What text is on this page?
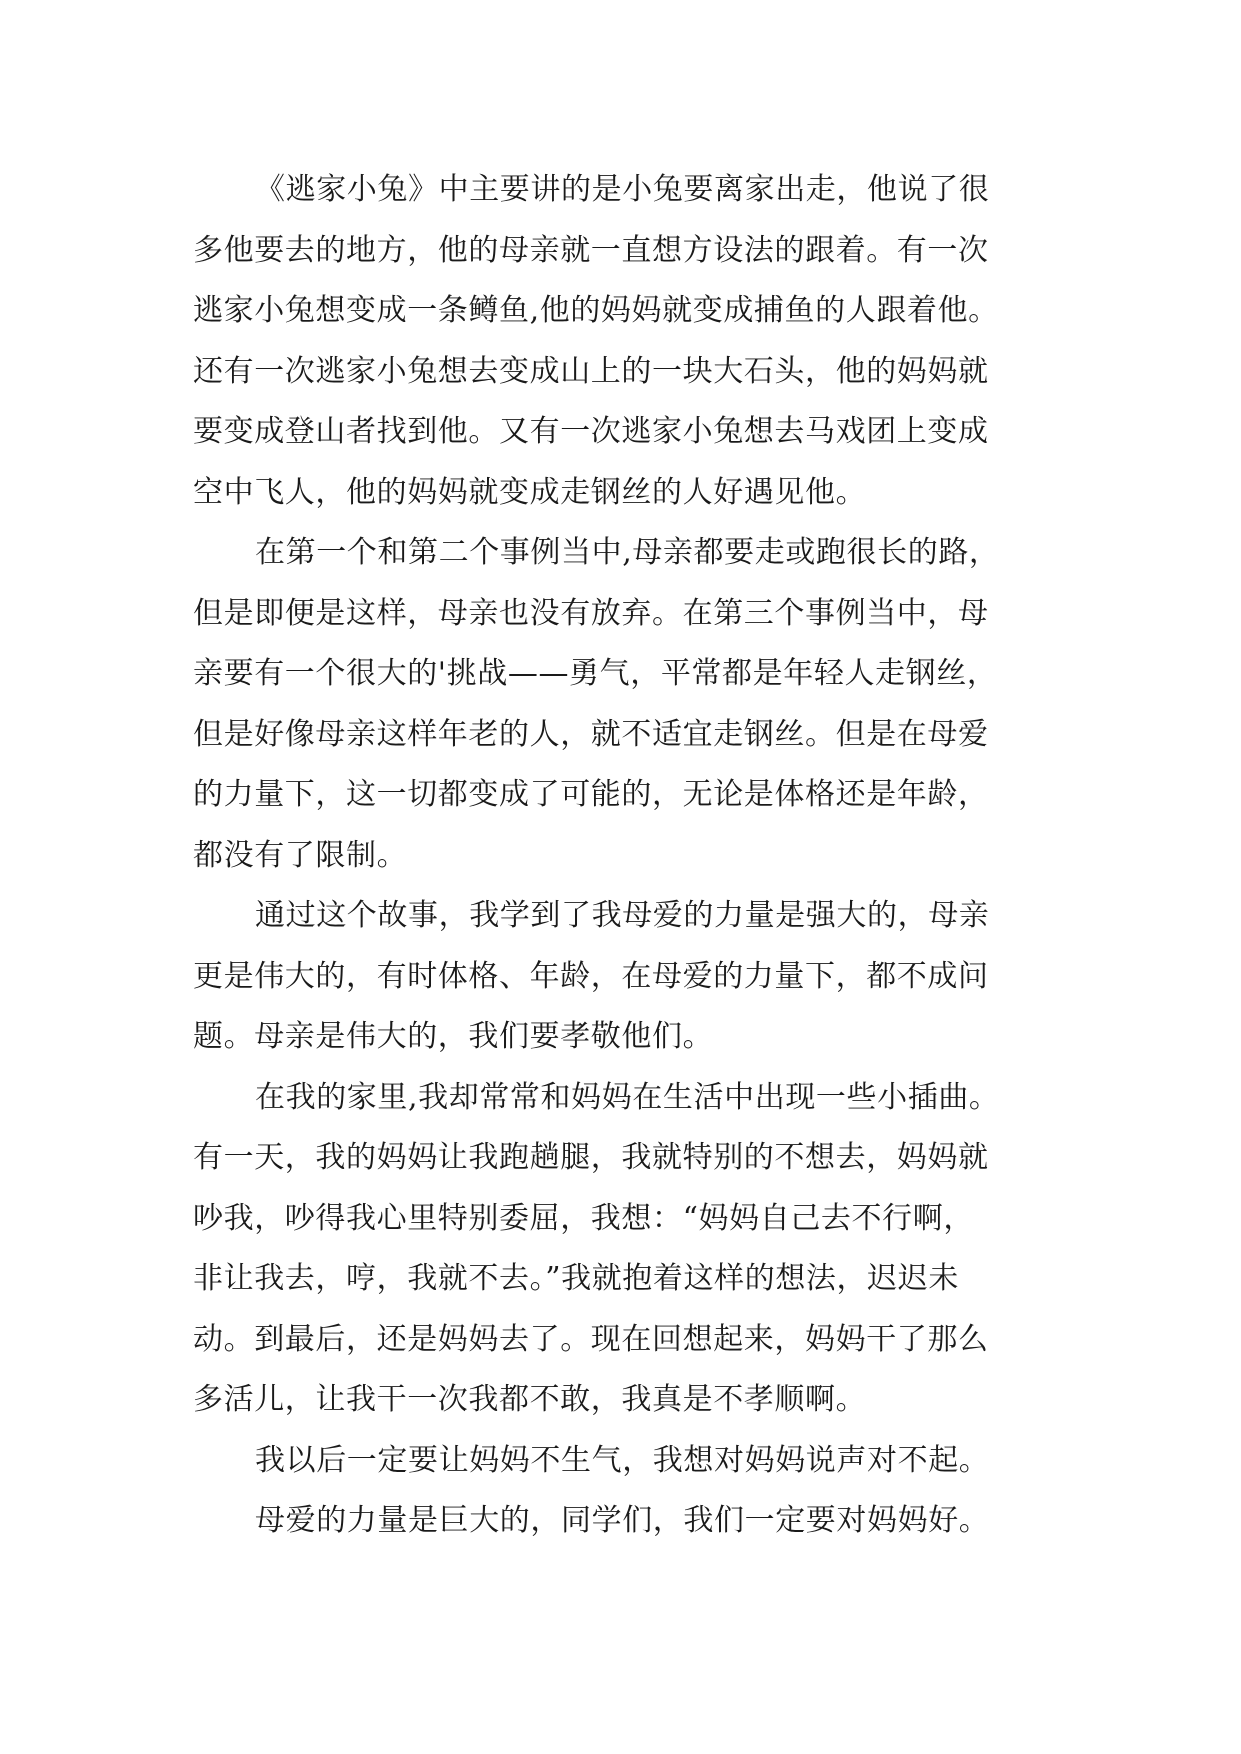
《逃家小兔》中主要讲的是小兔要离家出走，他说了很
多他要去的地方，他的母亲就一直想方设法的跟着。有一次
逃家小兔想变成一条鳟鱼,他的妈妈就变成捕鱼的人跟着他。
还有一次逃家小兔想去变成山上的一块大石头，他的妈妈就
要变成登山者找到他。又有一次逃家小兔想去马戏团上变成
空中飞人，他的妈妈就变成走钢丝的人好遇见他。
在第一个和第二个事例当中,母亲都要走或跑很长的路，
但是即便是这样，母亲也没有放弃。在第三个事例当中，母
亲要有一个很大的'挑战——勇气，平常都是年轻人走钢丝，
但是好像母亲这样年老的人，就不适宜走钢丝。但是在母爱
的力量下，这一切都变成了可能的，无论是体格还是年龄，
都没有了限制。
通过这个故事，我学到了我母爱的力量是强大的，母亲
更是伟大的，有时体格、年龄，在母爱的力量下，都不成问
题。母亲是伟大的，我们要孝敬他们。
在我的家里,我却常常和妈妈在生活中出现一些小插曲。
有一天，我的妈妈让我跑趟腿，我就特别的不想去，妈妈就
吵我，吵得我心里特别委屈，我想：“妈妈自己去不行啊，
非让我去，哼，我就不去。”我就抱着这样的想法，迟迟未
动。到最后，还是妈妈去了。现在回想起来，妈妈干了那么
多活儿，让我干一次我都不敢，我真是不孝顺啊。
我以后一定要让妈妈不生气，我想对妈妈说声对不起。
母爱的力量是巨大的，同学们，我们一定要对妈妈好。
